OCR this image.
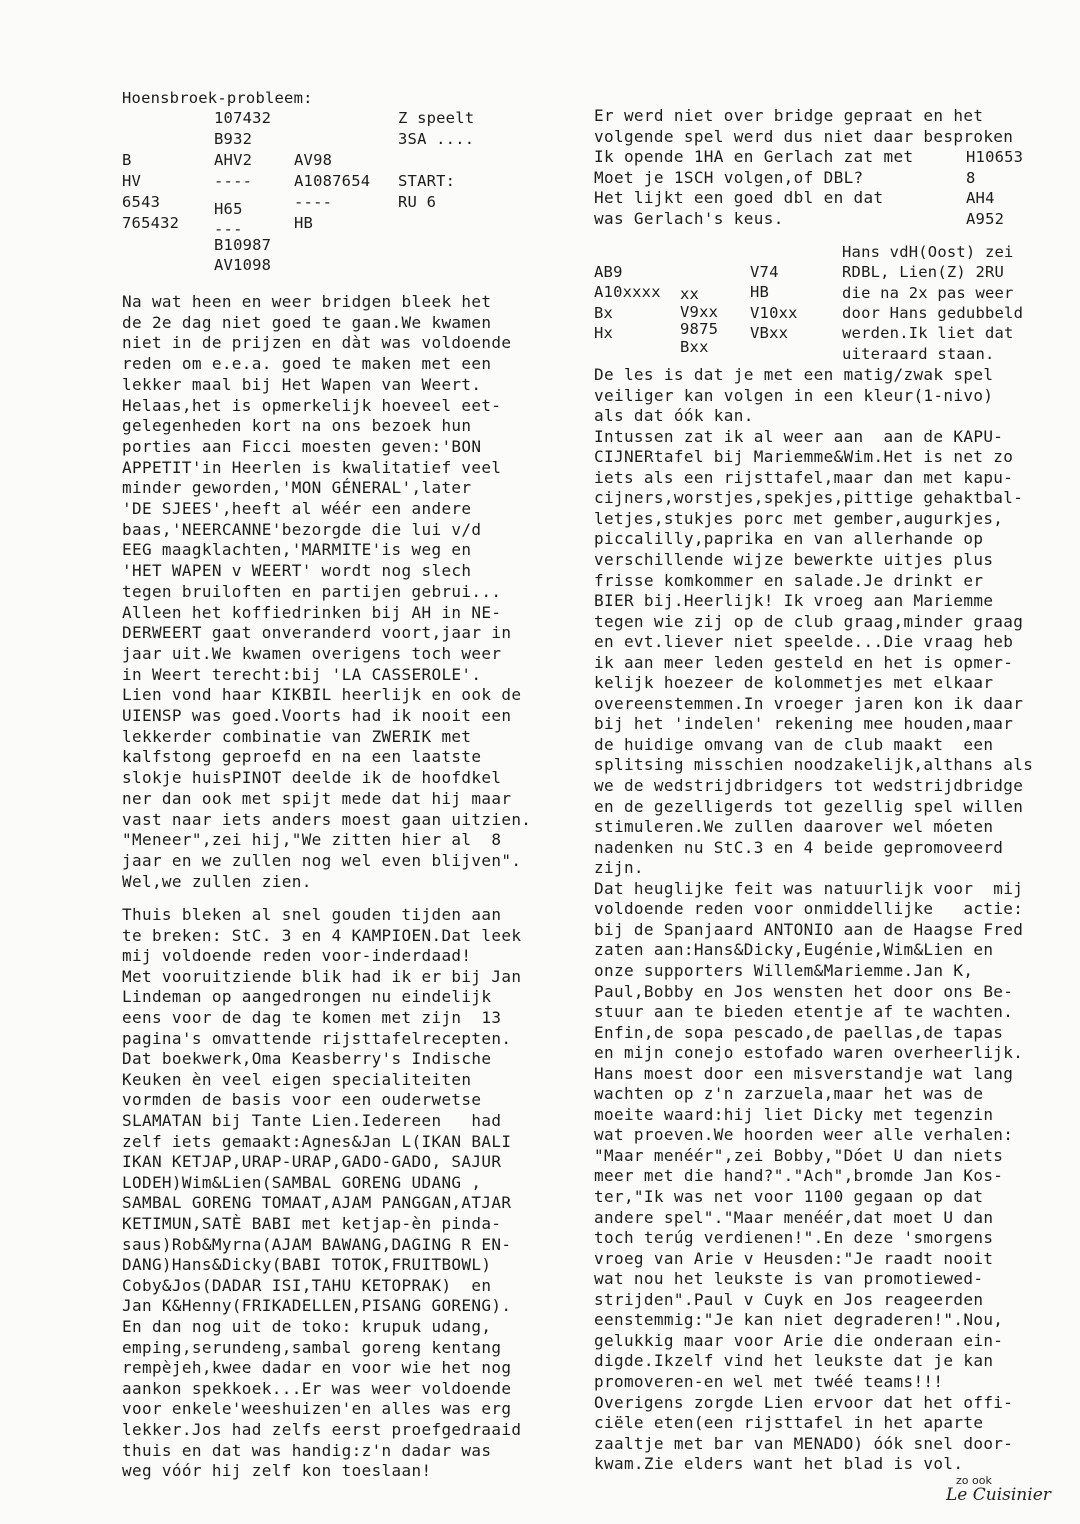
Hoensbroek-probleem:
107432
B932
AHV2
----
B
HV
6543
765432
AV98
A1087654
----
HB
H65
---
B10987
AV1098
Z speelt
3SA ....
START:
RU 6
Na wat heen en weer bridgen bleek het
de 2e dag niet goed te gaan.We kwamen
niet in de prijzen en dàt was voldoende
reden om e.e.a. goed te maken met een
lekker maal bij Het Wapen van Weert.
Helaas,het is opmerkelijk hoeveel eet-
gelegenheden kort na ons bezoek hun
porties aan Ficci moesten geven:'BON
APPETIT'in Heerlen is kwalitatief veel
minder geworden,'MON GÉNERAL',later
'DE SJEES',heeft al wéér een andere
baas,'NEERCANNE'bezorgde die lui v/d
EEG maagklachten,'MARMITE'is weg en
'HET WAPEN v WEERT' wordt nog slech
tegen bruiloften en partijen gebrui...
Alleen het koffiedrinken bij AH in NE-
DERWEERT gaat onveranderd voort,jaar in
jaar uit.We kwamen overigens toch weer
in Weert terecht:bij 'LA CASSEROLE'.
Lien vond haar KIKBIL heerlijk en ook de
UIENSP was goed.Voorts had ik nooit een
lekkerder combinatie van ZWERIK met
kalfstong geproefd en na een laatste
slokje huisPINOT deelde ik de hoofdkel
ner dan ook met spijt mede dat hij maar
vast naar iets anders moest gaan uitzien.
"Meneer",zei hij,"We zitten hier al  8
jaar en we zullen nog wel even blijven".
Wel,we zullen zien.
Thuis bleken al snel gouden tijden aan
te breken: StC. 3 en 4 KAMPIOEN.Dat leek
mij voldoende reden voor-inderdaad!
Met vooruitziende blik had ik er bij Jan
Lindeman op aangedrongen nu eindelijk
eens voor de dag te komen met zijn  13
pagina's omvattende rijsttafelrecepten.
Dat boekwerk,Oma Keasberry's Indische
Keuken èn veel eigen specialiteiten
vormden de basis voor een ouderwetse
SLAMATAN bij Tante Lien.Iedereen   had
zelf iets gemaakt:Agnes&Jan L(IKAN BALI
IKAN KETJAP,URAP-URAP,GADO-GADO, SAJUR
LODEH)Wim&Lien(SAMBAL GORENG UDANG ,
SAMBAL GORENG TOMAAT,AJAM PANGGAN,ATJAR
KETIMUN,SATÈ BABI met ketjap-èn pinda-
saus)Rob&Myrna(AJAM BAWANG,DAGING R EN-
DANG)Hans&Dicky(BABI TOTOK,FRUITBOWL)
Coby&Jos(DADAR ISI,TAHU KETOPRAK)  en
Jan K&Henny(FRIKADELLEN,PISANG GORENG).
En dan nog uit de toko: krupuk udang,
emping,serundeng,sambal goreng kentang
rempèjeh,kwee dadar en voor wie het nog
aankon spekkoek...Er was weer voldoende
voor enkele'weeshuizen'en alles was erg
lekker.Jos had zelfs eerst proefgedraaid
thuis en dat was handig:z'n dadar was
weg vóór hij zelf kon toeslaan!
Er werd niet over bridge gepraat en het
volgende spel werd dus niet daar besproken
Ik opende 1HA en Gerlach zat met
Moet je 1SCH volgen,of DBL?
Het lijkt een goed dbl en dat
was Gerlach's keus.
H10653
8
AH4
A952
Hans vdH(Oost) zei
RDBL, Lien(Z) 2RU
die na 2x pas weer
door Hans gedubbeld
werden.Ik liet dat
uiteraard staan.
AB9
A10xxxx
Bx
Hx
xx
V9xx
9875
Bxx
V74
HB
V10xx
VBxx
De les is dat je met een matig/zwak spel
veiliger kan volgen in een kleur(1-nivo)
als dat óók kan.
Intussen zat ik al weer aan  aan de KAPU-
CIJNERtafel bij Mariemme&Wim.Het is net zo
iets als een rijsttafel,maar dan met kapu-
cijners,worstjes,spekjes,pittige gehaktbal-
letjes,stukjes porc met gember,augurkjes,
piccalilly,paprika en van allerhande op
verschillende wijze bewerkte uitjes plus
frisse komkommer en salade.Je drinkt er
BIER bij.Heerlijk! Ik vroeg aan Mariemme
tegen wie zij op de club graag,minder graag
en evt.liever niet speelde...Die vraag heb
ik aan meer leden gesteld en het is opmer-
kelijk hoezeer de kolommetjes met elkaar
overeenstemmen.In vroeger jaren kon ik daar
bij het 'indelen' rekening mee houden,maar
de huidige omvang van de club maakt  een
splitsing misschien noodzakelijk,althans als
we de wedstrijdbridgers tot wedstrijdbridge
en de gezelligerds tot gezellig spel willen
stimuleren.We zullen daarover wel móeten
nadenken nu StC.3 en 4 beide gepromoveerd
zijn.
Dat heuglijke feit was natuurlijk voor  mij
voldoende reden voor onmiddellijke   actie:
bij de Spanjaard ANTONIO aan de Haagse Fred
zaten aan:Hans&Dicky,Eugénie,Wim&Lien en
onze supporters Willem&Mariemme.Jan K,
Paul,Bobby en Jos wensten het door ons Be-
stuur aan te bieden etentje af te wachten.
Enfin,de sopa pescado,de paellas,de tapas
en mijn conejo estofado waren overheerlijk.
Hans moest door een misverstandje wat lang
wachten op z'n zarzuela,maar het was de
moeite waard:hij liet Dicky met tegenzin
wat proeven.We hoorden weer alle verhalen:
"Maar menéér",zei Bobby,"Dóet U dan niets
meer met die hand?"."Ach",bromde Jan Kos-
ter,"Ik was net voor 1100 gegaan op dat
andere spel"."Maar menéér,dat moet U dan
toch terúg verdienen!".En deze 'smorgens
vroeg van Arie v Heusden:"Je raadt nooit
wat nou het leukste is van promotiewed-
strijden".Paul v Cuyk en Jos reageerden
eenstemmig:"Je kan niet degraderen!".Nou,
gelukkig maar voor Arie die onderaan ein-
digde.Ikzelf vind het leukste dat je kan
promoveren-en wel met twéé teams!!!
Overigens zorgde Lien ervoor dat het offi-
ciële eten(een rijsttafel in het aparte
zaaltje met bar van MENADO) óók snel door-
kwam.Zie elders want het blad is vol.
zo ook
Le Cuisinier
